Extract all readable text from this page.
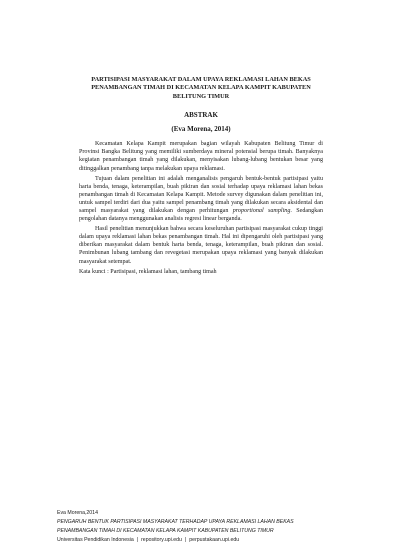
PARTISIPASI MASYARAKAT DALAM UPAYA REKLAMASI LAHAN BEKAS PENAMBANGAN TIMAH DI KECAMATAN KELAPA KAMPIT KABUPATEN BELITUNG TIMUR

ABSTRAK

(Eva Morena, 2014)

Kecamatan Kelapa Kampit merupakan bagian wilayah Kabupaten Belitung Timur di Provinsi Bangka Belitung yang memiliki sumberdaya mineral potensial berupa timah. Banyaknya kegiatan penambangan timah yang dilakukan, menyisakan lubang-lubang bentukan besar yang ditinggalkan penambang tanpa melakukan upaya reklamasi.

Tujuan dalam penelitian ini adalah menganalisis pengaruh bentuk-bentuk partisipasi yaitu harta benda, tenaga, keterampilan, buah pikiran dan sosial terhadap upaya reklamasi lahan bekas penambangan timah di Kecamatan Kelapa Kampit. Metode survey digunakan dalam penelitian ini, untuk sampel terdiri dari dua yaitu sampel penambang timah yang dilakukan secara aksidental dan sampel masyarakat yang dilakukan dengan perhitungan proportional sampling. Sedangkan pengolahan datanya menggunakan analisis regresi linear berganda.

Hasil penelitian menunjukkan bahwa secara keseluruhan partisipasi masyarakat cukup tinggi dalam upaya reklamasi lahan bekas penambangan timah. Hal ini dipengaruhi oleh partisipasi yang diberikan masyarakat dalam bentuk harta benda, tenaga, keterampilan, buah pikiran dan sosial. Penimbunan lubang tambang dan revegetasi merupakan upaya reklamasi yang banyak dilakukan masyarakat setempat.

Kata kunci : Partisipasi, reklamasi lahan, tambang timah

Eva Morena,2014
PENGARUH BENTUK PARTISIPASI MASYARAKAT TERHADAP UPAYA REKLAMASI LAHAN BEKAS
PENAMBANGAN TIMAH DI KECAMATAN KELAPA KAMPIT KABUPATEN BELITUNG TIMUR
Universitas Pendidikan Indonesia | repository.upi.edu | perpustakaan.upi.edu
